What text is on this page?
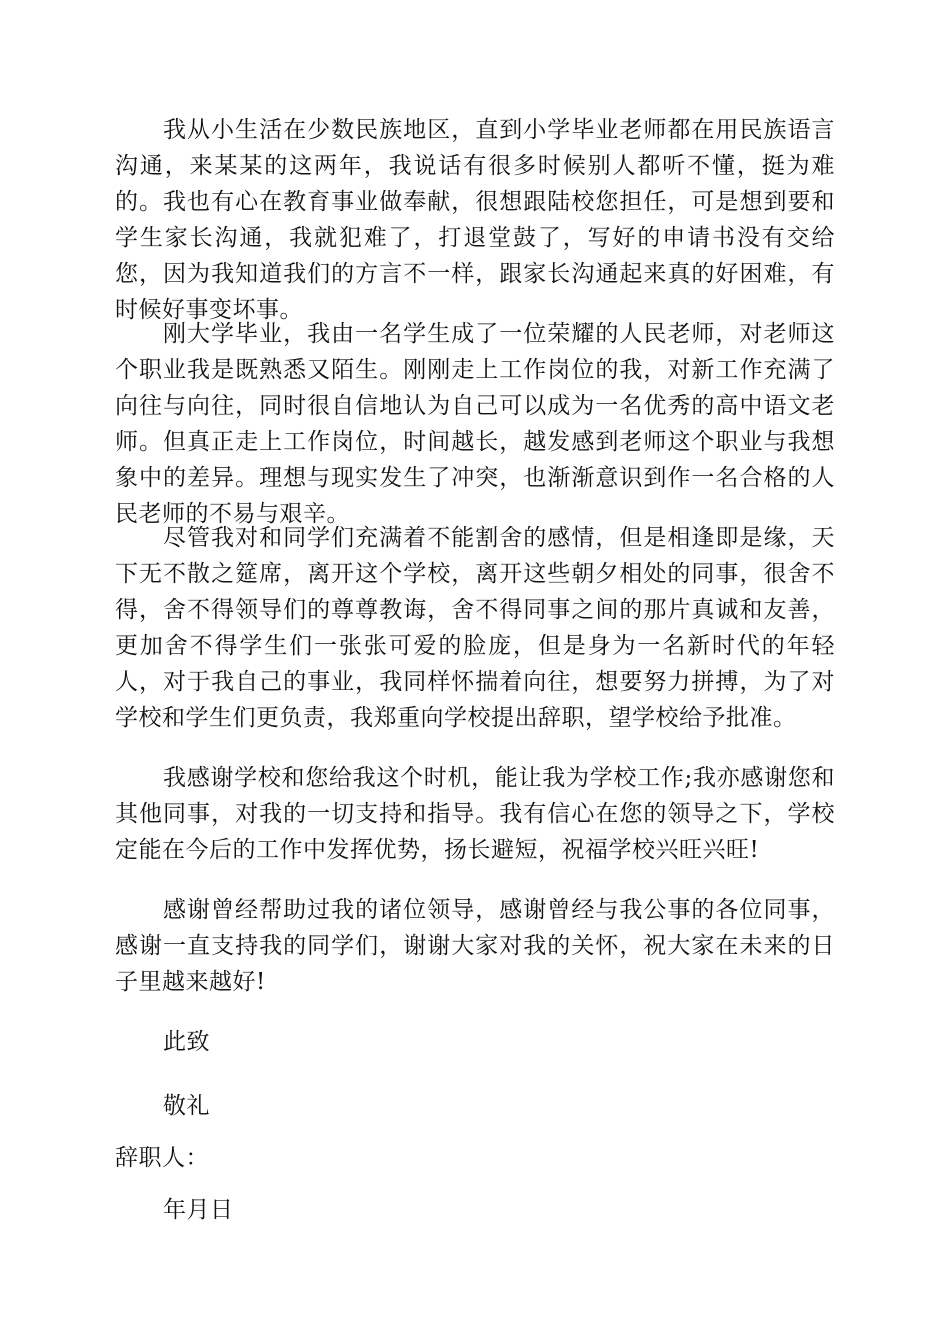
我从小生活在少数民族地区，直到小学毕业老师都在用民族语言沟通，来某某的这两年，我说话有很多时候别人都听不懂，挺为难的。我也有心在教育事业做奉献，很想跟陆校您担任，可是想到要和学生家长沟通，我就犯难了，打退堂鼓了，写好的申请书没有交给您，因为我知道我们的方言不一样，跟家长沟通起来真的好困难，有时候好事变坏事。

刚大学毕业，我由一名学生成了一位荣耀的人民老师，对老师这个职业我是既熟悉又陌生。刚刚走上工作岗位的我，对新工作充满了向往与向往，同时很自信地认为自己可以成为一名优秀的高中语文老师。但真正走上工作岗位，时间越长，越发感到老师这个职业与我想象中的差异。理想与现实发生了冲突，也渐渐意识到作一名合格的人民老师的不易与艰辛。

尽管我对和同学们充满着不能割舍的感情，但是相逢即是缘，天下无不散之筵席，离开这个学校，离开这些朝夕相处的同事，很舍不得，舍不得领导们的尊尊教诲，舍不得同事之间的那片真诚和友善，更加舍不得学生们一张张可爱的脸庞，但是身为一名新时代的年轻人，对于我自己的事业，我同样怀揣着向往，想要努力拼搏，为了对学校和学生们更负责，我郑重向学校提出辞职，望学校给予批准。

我感谢学校和您给我这个时机，能让我为学校工作;我亦感谢您和其他同事，对我的一切支持和指导。我有信心在您的领导之下，学校定能在今后的工作中发挥优势，扬长避短，祝福学校兴旺兴旺!

感谢曾经帮助过我的诸位领导，感谢曾经与我公事的各位同事，感谢一直支持我的同学们，谢谢大家对我的关怀，祝大家在未来的日子里越来越好!

此致

敬礼

辞职人：

年月日
